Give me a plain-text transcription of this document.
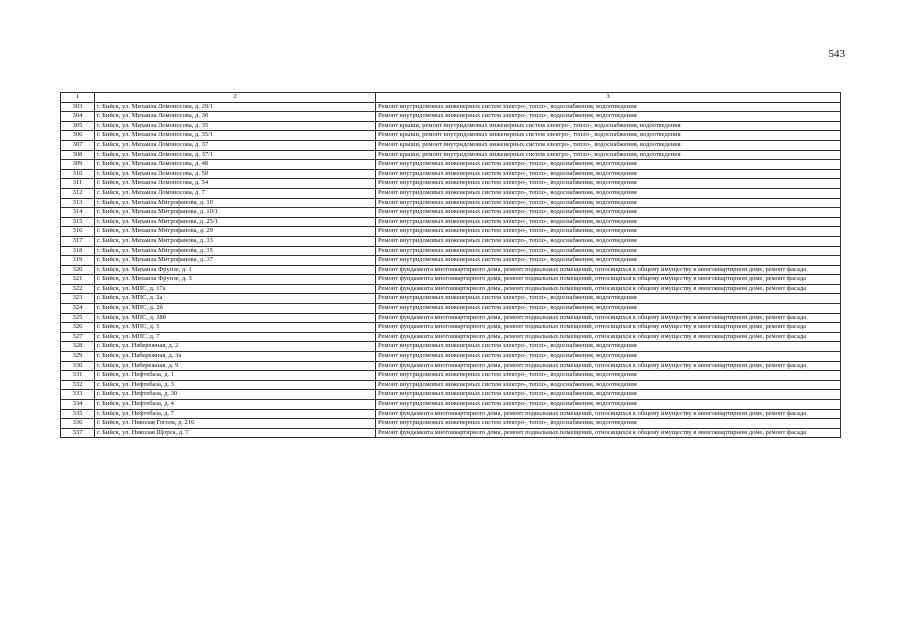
543
1	2	3
303	г. Бийск, ул. Михаила Ломоносова, д. 29/1	Ремонт внутридомовых инженерных систем электро-, тепло-, водоснабжения, водоотведения
304	г. Бийск, ул. Михаила Ломоносова, д. 30	Ремонт внутридомовых инженерных систем электро-, тепло-, водоснабжения, водоотведения
305	г. Бийск, ул. Михаила Ломоносова, д. 35	Ремонт крыши, ремонт внутридомовых инженерных систем электро-, тепло-, водоснабжения, водоотведения
306	г. Бийск, ул. Михаила Ломоносова, д. 35/1	Ремонт крыши, ремонт внутридомовых инженерных систем электро-, тепло-, водоснабжения, водоотведения
307	г. Бийск, ул. Михаила Ломоносова, д. 37	Ремонт крыши, ремонт внутридомовых инженерных систем электро-, тепло-, водоснабжения, водоотведения
308	г. Бийск, ул. Михаила Ломоносова, д. 37/1	Ремонт крыши, ремонт внутридомовых инженерных систем электро-, тепло-, водоснабжения, водоотведения
309	г. Бийск, ул. Михаила Ломоносова, д. 48	Ремонт внутридомовых инженерных систем электро-, тепло-, водоснабжения, водоотведения
310	г. Бийск, ул. Михаила Ломоносова, д. 50	Ремонт внутридомовых инженерных систем электро-, тепло-, водоснабжения, водоотведения
311	г. Бийск, ул. Михаила Ломоносова, д. 54	Ремонт внутридомовых инженерных систем электро-, тепло-, водоснабжения, водоотведения
312	г. Бийск, ул. Михаила Ломоносова, д. 7	Ремонт внутридомовых инженерных систем электро-, тепло-, водоснабжения, водоотведения
313	г. Бийск, ул. Михаила Митрофанова, д. 10	Ремонт внутридомовых инженерных систем электро-, тепло-, водоснабжения, водоотведения
314	г. Бийск, ул. Михаила Митрофанова, д. 10/1	Ремонт внутридомовых инженерных систем электро-, тепло-, водоснабжения, водоотведения
315	г. Бийск, ул. Михаила Митрофанова, д. 25/1	Ремонт внутридомовых инженерных систем электро-, тепло-, водоснабжения, водоотведения
316	г. Бийск, ул. Михаила Митрофанова, д. 29	Ремонт внутридомовых инженерных систем электро-, тепло-, водоснабжения, водоотведения
317	г. Бийск, ул. Михаила Митрофанова, д. 33	Ремонт внутридомовых инженерных систем электро-, тепло-, водоснабжения, водоотведения
318	г. Бийск, ул. Михаила Митрофанова, д. 35	Ремонт внутридомовых инженерных систем электро-, тепло-, водоснабжения, водоотведения
319	г. Бийск, ул. Михаила Митрофанова, д. 37	Ремонт внутридомовых инженерных систем электро-, тепло-, водоснабжения, водоотведения
320	г. Бийск, ул. Михаила Фрунзе, д. 1	Ремонт фундамента многоквартирного дома, ремонт подвальных помещений, относящихся к общему имуществу в многоквартирном доме, ремонт фасада
321	г. Бийск, ул. Михаила Фрунзе, д. 3	Ремонт фундамента многоквартирного дома, ремонт подвальных помещений, относящихся к общему имуществу в многоквартирном доме, ремонт фасада
322	г. Бийск, ул. МПС, д. 17а	Ремонт фундамента многоквартирного дома, ремонт подвальных помещений, относящихся к общему имуществу в многоквартирном доме, ремонт фасада
323	г. Бийск, ул. МПС, д. 2а	Ремонт внутридомовых инженерных систем электро-, тепло-, водоснабжения, водоотведения
324	г. Бийск, ул. МПС, д. 2б	Ремонт внутридомовых инженерных систем электро-, тепло-, водоснабжения, водоотведения
325	г. Бийск, ул. МПС, д. 38б	Ремонт фундамента многоквартирного дома, ремонт подвальных помещений, относящихся к общему имуществу в многоквартирном доме, ремонт фасада
326	г. Бийск, ул. МПС, д. 5	Ремонт фундамента многоквартирного дома, ремонт подвальных помещений, относящихся к общему имуществу в многоквартирном доме, ремонт фасада
327	г. Бийск, ул. МПС, д. 7	Ремонт фундамента многоквартирного дома, ремонт подвальных помещений, относящихся к общему имуществу в многоквартирном доме, ремонт фасада
328	г. Бийск, ул. Набережная, д. 2	Ремонт внутридомовых инженерных систем электро-, тепло-, водоснабжения, водоотведения
329	г. Бийск, ул. Набережная, д. 3а	Ремонт внутридомовых инженерных систем электро-, тепло-, водоснабжения, водоотведения
330	г. Бийск, ул. Набережная, д. 9	Ремонт фундамента многоквартирного дома, ремонт подвальных помещений, относящихся к общему имуществу в многоквартирном доме, ремонт фасада
331	г. Бийск, ул. Нефтебаза, д. 1	Ремонт внутридомовых инженерных систем электро-, тепло-, водоснабжения, водоотведения
332	г. Бийск, ул. Нефтебаза, д. 3	Ремонт внутридомовых инженерных систем электро-, тепло-, водоснабжения, водоотведения
333	г. Бийск, ул. Нефтебаза, д. 30	Ремонт внутридомовых инженерных систем электро-, тепло-, водоснабжения, водоотведения
334	г. Бийск, ул. Нефтебаза, д. 4	Ремонт внутридомовых инженерных систем электро-, тепло-, водоснабжения, водоотведения
335	г. Бийск, ул. Нефтебаза, д. 7	Ремонт фундамента многоквартирного дома, ремонт подвальных помещений, относящихся к общему имуществу в многоквартирном доме, ремонт фасада
336	г. Бийск, ул. Николая Гоголя, д. 216	Ремонт внутридомовых инженерных систем электро-, тепло-, водоснабжения, водоотведения
337	г. Бийск, ул. Николая Щорса, д. 7	Ремонт фундамента многоквартирного дома, ремонт подвальных помещений, относящихся к общему имуществу в многоквартирном доме, ремонт фасада
